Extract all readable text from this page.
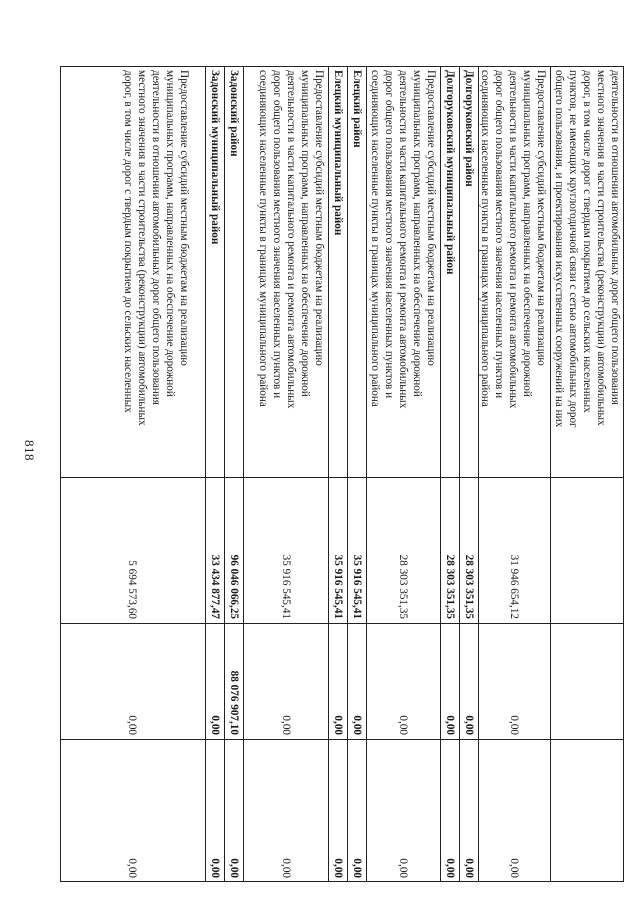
818
деятельности в отношении автомобильных дорог общего пользования
местного значения в части строительства (реконструкции) автомобильных
дорог, в том числе дорог с твердым покрытием до сельских населенных
пунктов, не имеющих круглогодичной связи с сетью автомобильных дорог
общего пользования, и проектирования искусственных сооружений на них
Предоставление субсидий местным бюджетам на реализацию
муниципальных программ, направленных на обеспечение дорожной
деятельности в части капитального ремонта и ремонта автомобильных
дорог общего пользования местного значения населенных пунктов и
соединяющих населенные пункты в границах муниципального района
31 946 654,12
0,00
0,00
Долгоруковский район
28 303 351,35
0,00
0,00
Долгоруковский муниципальный район
28 303 351,35
0,00
0,00
Предоставление субсидий местным бюджетам на реализацию
муниципальных программ, направленных на обеспечение дорожной
деятельности в части капитального ремонта и ремонта автомобильных
дорог общего пользования местного значения населенных пунктов и
соединяющих населенные пункты в границах муниципального района
28 303 351,35
0,00
0,00
Елецкий район
35 916 545,41
0,00
0,00
Елецкий муниципальный район
35 916 545,41
0,00
0,00
Предоставление субсидий местным бюджетам на реализацию
муниципальных программ, направленных на обеспечение дорожной
деятельности в части капитального ремонта и ремонта автомобильных
дорог общего пользования местного значения населенных пунктов и
соединяющих населенные пункты в границах муниципального района
35 916 545,41
0,00
0,00
Задонский район
96 046 066,25
88 076 907,10
0,00
Задонский муниципальный район
33 434 877,47
0,00
0,00
Предоставление субсидий местным бюджетам на реализацию
муниципальных программ, направленных на обеспечение дорожной
деятельности в отношении автомобильных дорог общего пользования
местного значения в части строительства (реконструкции) автомобильных
дорог, в том числе дорог с твердым покрытием до сельских населенных
5 694 573,60
0,00
0,00
